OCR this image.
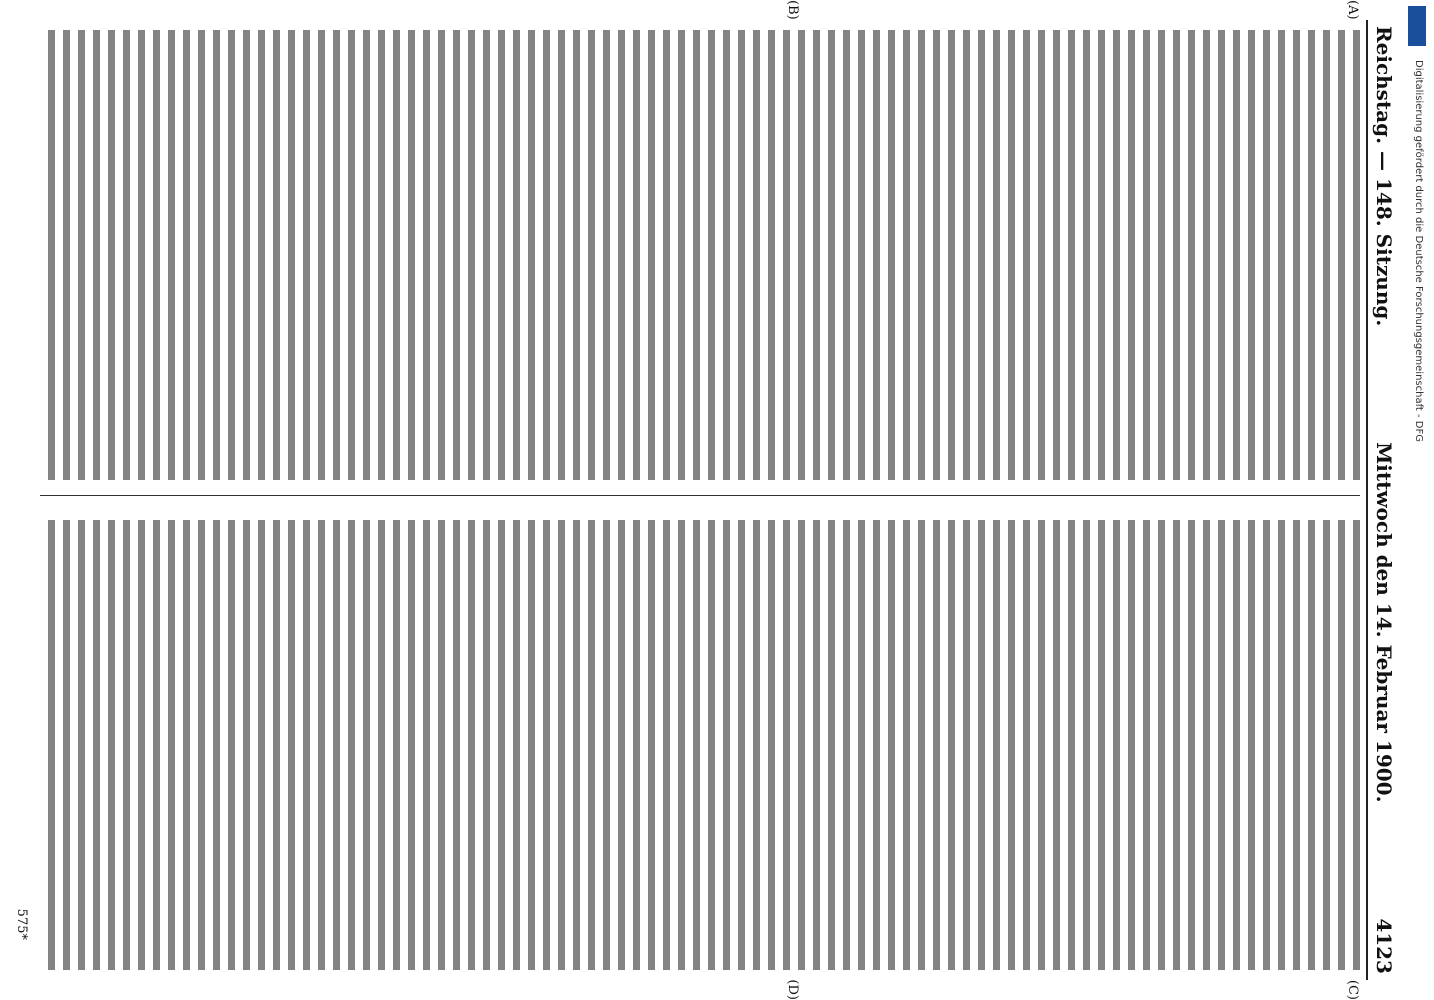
Reichstag. — 148. Sitzung.
Mittwoch den 14. Februar 1900.
4123
(A)
(B)
(C)
(D)
575*
Digitalisierung gefördert durch die Deutsche Forschungsgemeinschaft - DFG
